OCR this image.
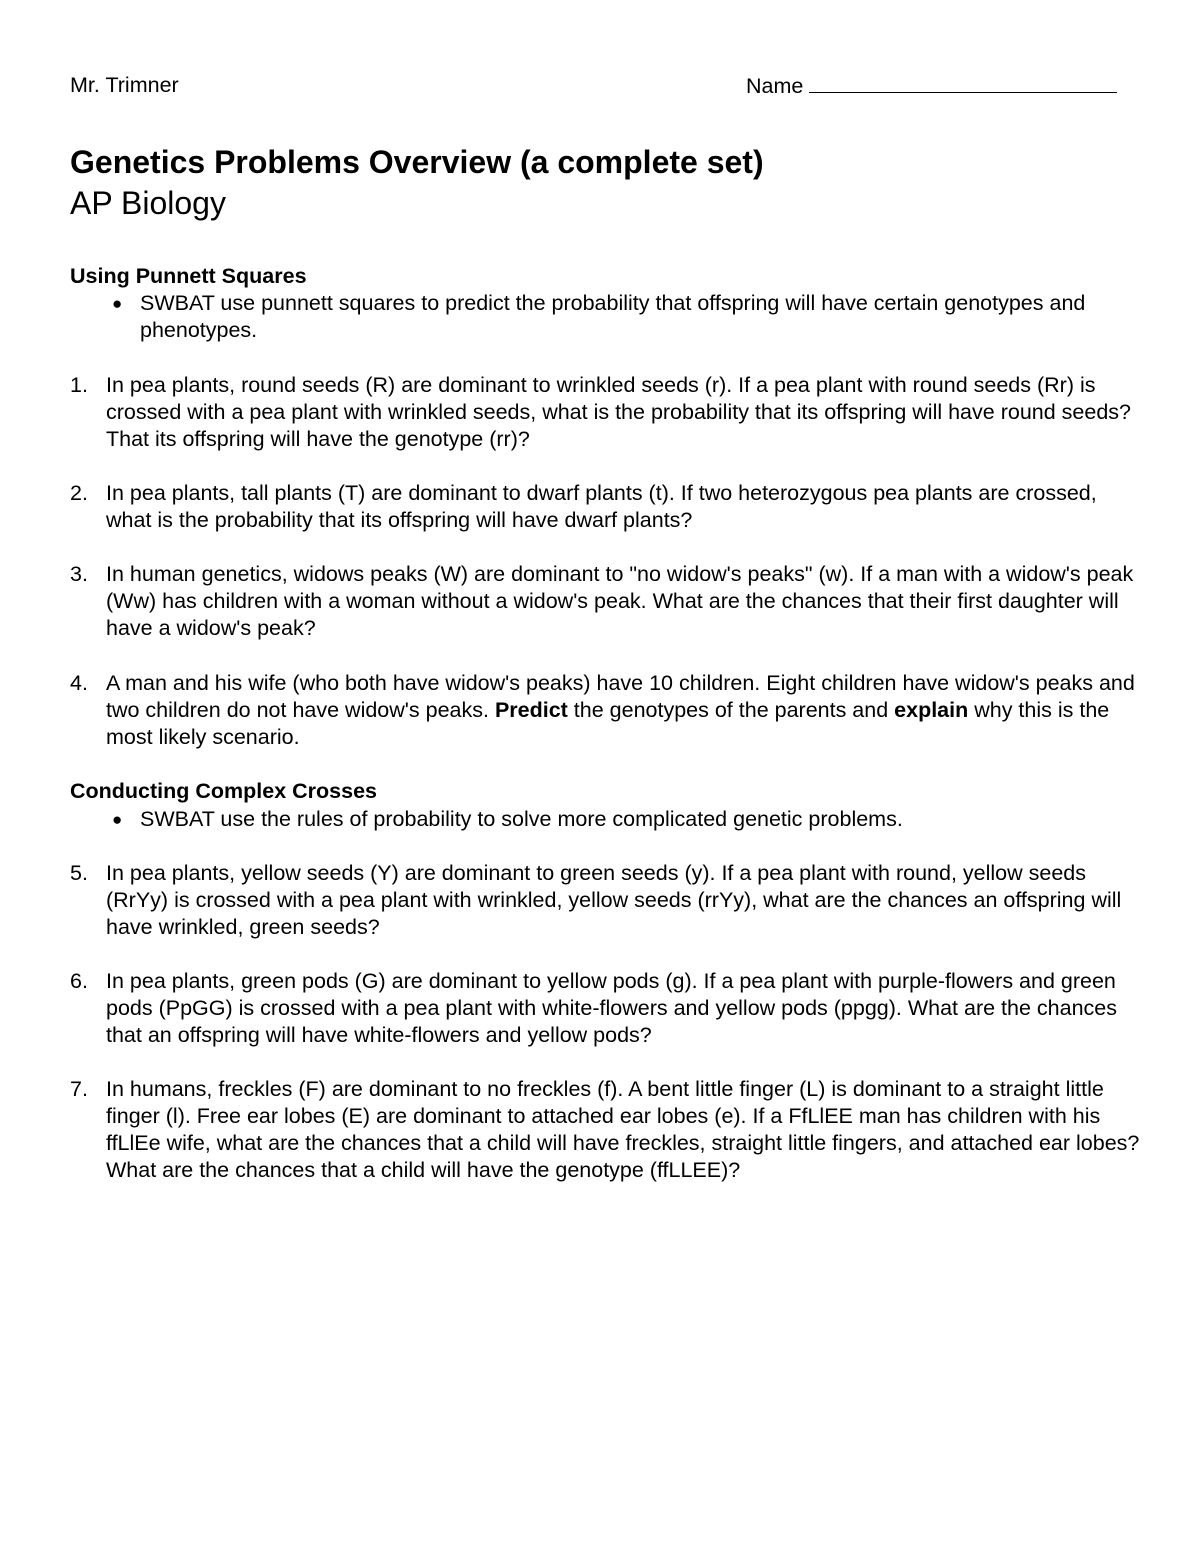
Mr. Trimner	Name
Genetics Problems Overview (a complete set)
AP Biology
Using Punnett Squares
● SWBAT use punnett squares to predict the probability that offspring will have certain genotypes and phenotypes.
1. In pea plants, round seeds (R) are dominant to wrinkled seeds (r). If a pea plant with round seeds (Rr) is crossed with a pea plant with wrinkled seeds, what is the probability that its offspring will have round seeds? That its offspring will have the genotype (rr)?
2. In pea plants, tall plants (T) are dominant to dwarf plants (t). If two heterozygous pea plants are crossed, what is the probability that its offspring will have dwarf plants?
3. In human genetics, widows peaks (W) are dominant to "no widow's peaks" (w). If a man with a widow's peak (Ww) has children with a woman without a widow's peak. What are the chances that their first daughter will have a widow's peak?
4. A man and his wife (who both have widow's peaks) have 10 children. Eight children have widow's peaks and two children do not have widow's peaks. Predict the genotypes of the parents and explain why this is the most likely scenario.
Conducting Complex Crosses
● SWBAT use the rules of probability to solve more complicated genetic problems.
5. In pea plants, yellow seeds (Y) are dominant to green seeds (y). If a pea plant with round, yellow seeds (RrYy) is crossed with a pea plant with wrinkled, yellow seeds (rrYy), what are the chances an offspring will have wrinkled, green seeds?
6. In pea plants, green pods (G) are dominant to yellow pods (g). If a pea plant with purple-flowers and green pods (PpGG) is crossed with a pea plant with white-flowers and yellow pods (ppgg). What are the chances that an offspring will have white-flowers and yellow pods?
7. In humans, freckles (F) are dominant to no freckles (f). A bent little finger (L) is dominant to a straight little finger (l). Free ear lobes (E) are dominant to attached ear lobes (e). If a FfLlEE man has children with his ffLlEe wife, what are the chances that a child will have freckles, straight little fingers, and attached ear lobes? What are the chances that a child will have the genotype (ffLLEE)?
